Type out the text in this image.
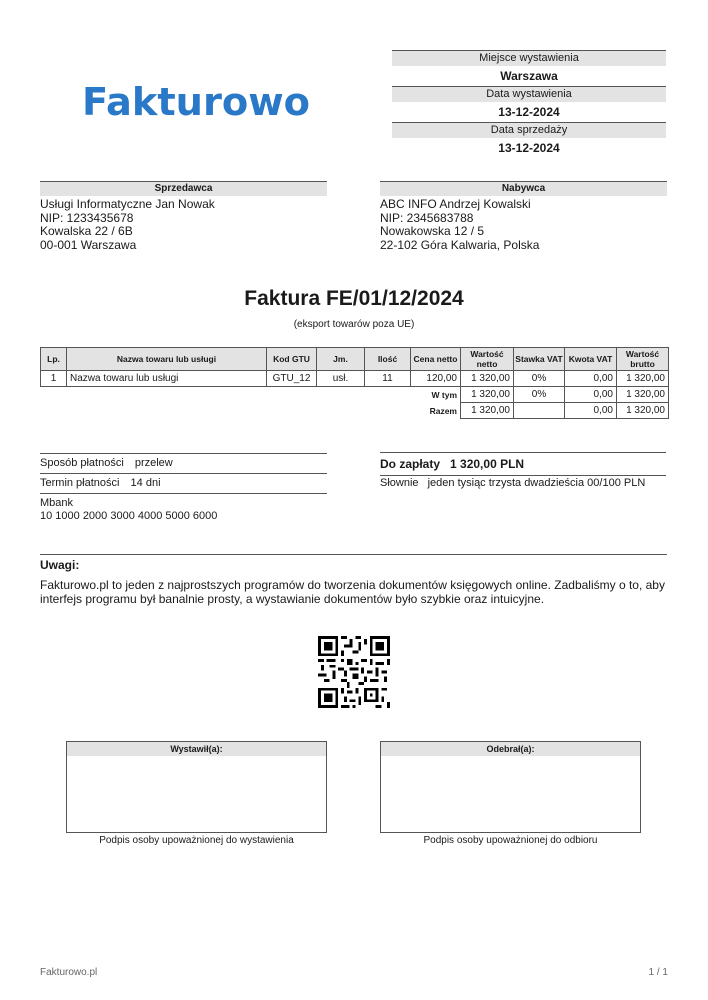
Fakturowo
Miejsce wystawienia
Warszawa
Data wystawienia
13-12-2024
Data sprzedaży
13-12-2024
Sprzedawca
Usługi Informatyczne Jan Nowak
NIP: 1233435678
Kowalska 22 / 6B
00-001 Warszawa
Nabywca
ABC INFO Andrzej Kowalski
NIP: 2345683788
Nowakowska 12 / 5
22-102 Góra Kalwaria, Polska
Faktura FE/01/12/2024
(eksport towarów poza UE)
Lp.	Nazwa towaru lub usługi	Kod GTU	Jm.	Ilość	Cena netto	Wartość netto	Stawka VAT	Kwota VAT	Wartość brutto
1	Nazwa towaru lub usługi	GTU_12	usł.	11	120,00	1 320,00	0%	0,00	1 320,00
					W tym	1 320,00	0%	0,00	1 320,00
					Razem	1 320,00		0,00	1 320,00
Sposób płatności przelew
Termin płatności 14 dni
Mbank
10 1000 2000 3000 4000 5000 6000
Do zapłaty 1 320,00 PLN
Słownie jeden tysiąc trzysta dwadzieścia 00/100 PLN
Uwagi:
Fakturowo.pl to jeden z najprostszych programów do tworzenia dokumentów księgowych online. Zadbaliśmy o to, aby interfejs programu był banalnie prosty, a wystawianie dokumentów było szybkie oraz intuicyjne.
Wystawił(a):
Podpis osoby upoważnionej do wystawienia
Odebrał(a):
Podpis osoby upoważnionej do odbioru
Fakturowo.pl	1 / 1
